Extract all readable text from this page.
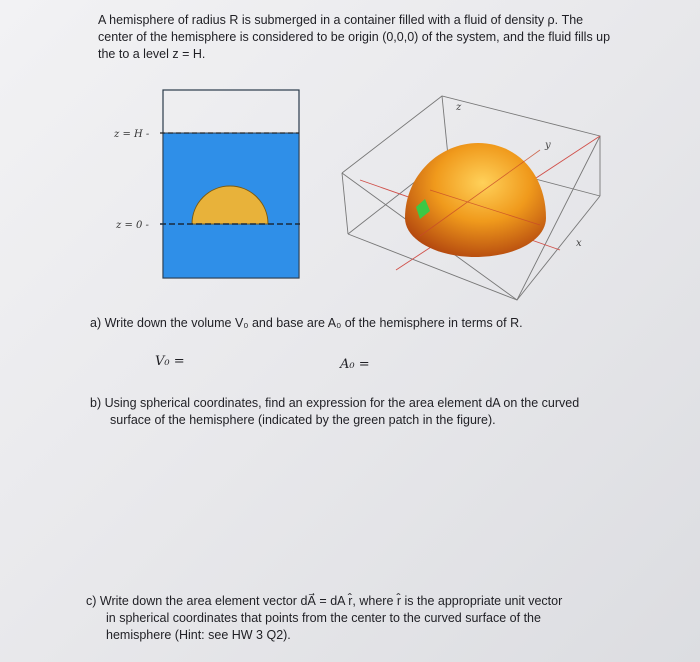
A hemisphere of radius R is submerged in a container filled with a fluid of density ρ. The
center of the hemisphere is considered to be origin (0,0,0) of the system, and the fluid fills up
the to a level z = H.
z = H -
z = 0 -
z
y
x
a) Write down the volume V₀ and base are A₀ of the hemisphere in terms of R.
V₀ =	A₀ =
b) Using spherical coordinates, find an expression for the area element dA on the curved
surface of the hemisphere (indicated by the green patch in the figure).
c) Write down the area element vector dA⃗ = dA r̂, where r̂ is the appropriate unit vector
in spherical coordinates that points from the center to the curved surface of the
hemisphere (Hint: see HW 3 Q2).
